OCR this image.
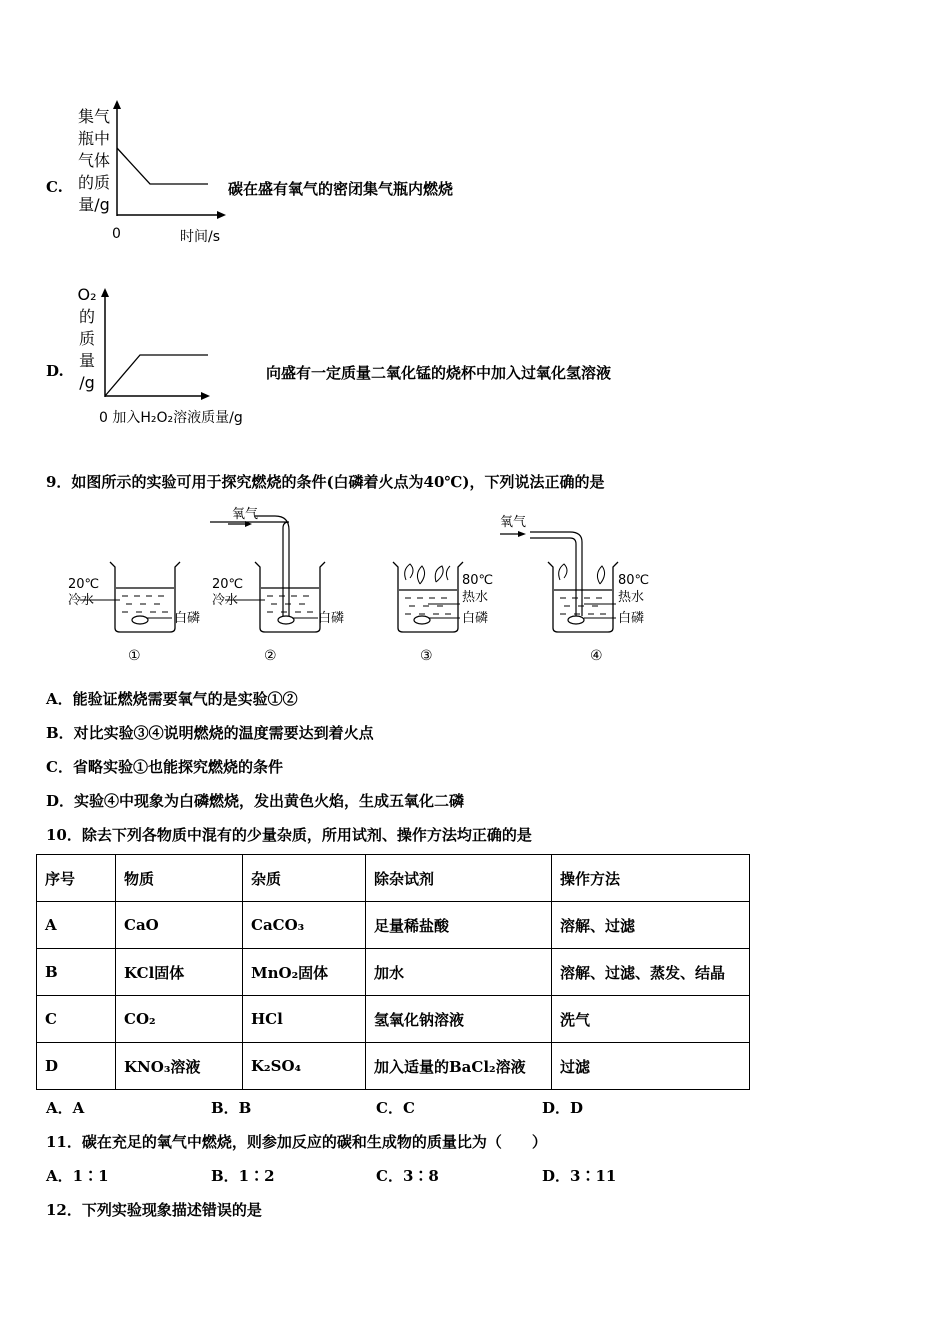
C.
集气
瓶中
气体
的质
量/g
0	时间/s
碳在盛有氧气的密闭集气瓶内燃烧
D.
O₂
的
质
量
/g
0 加入H₂O₂溶液质量/g
向盛有一定质量二氧化锰的烧杯中加入过氧化氢溶液
9．如图所示的实验可用于探究燃烧的条件(白磷着火点为40℃)，下列说法正确的是
20℃
冷水
白磷
①
氧气
20℃
冷水
白磷
②
80℃
热水
白磷
③
氧气
80℃
热水
白磷
④
A．能验证燃烧需要氧气的是实验①②
B．对比实验③④说明燃烧的温度需要达到着火点
C．省略实验①也能探究燃烧的条件
D．实验④中现象为白磷燃烧，发出黄色火焰，生成五氧化二磷
10．除去下列各物质中混有的少量杂质，所用试剂、操作方法均正确的是
序号	物质	杂质	除杂试剂	操作方法
A	CaO	CaCO₃	足量稀盐酸	溶解、过滤
B	KCl固体	MnO₂固体	加水	溶解、过滤、蒸发、结晶
C	CO₂	HCl	氢氧化钠溶液	洗气
D	KNO₃溶液	K₂SO₄	加入适量的BaCl₂溶液	过滤
A．A	B．B	C．C	D．D
11．碳在充足的氧气中燃烧，则参加反应的碳和生成物的质量比为（　　）
A．1∶1	B．1∶2	C．3∶8	D．3∶11
12．下列实验现象描述错误的是
